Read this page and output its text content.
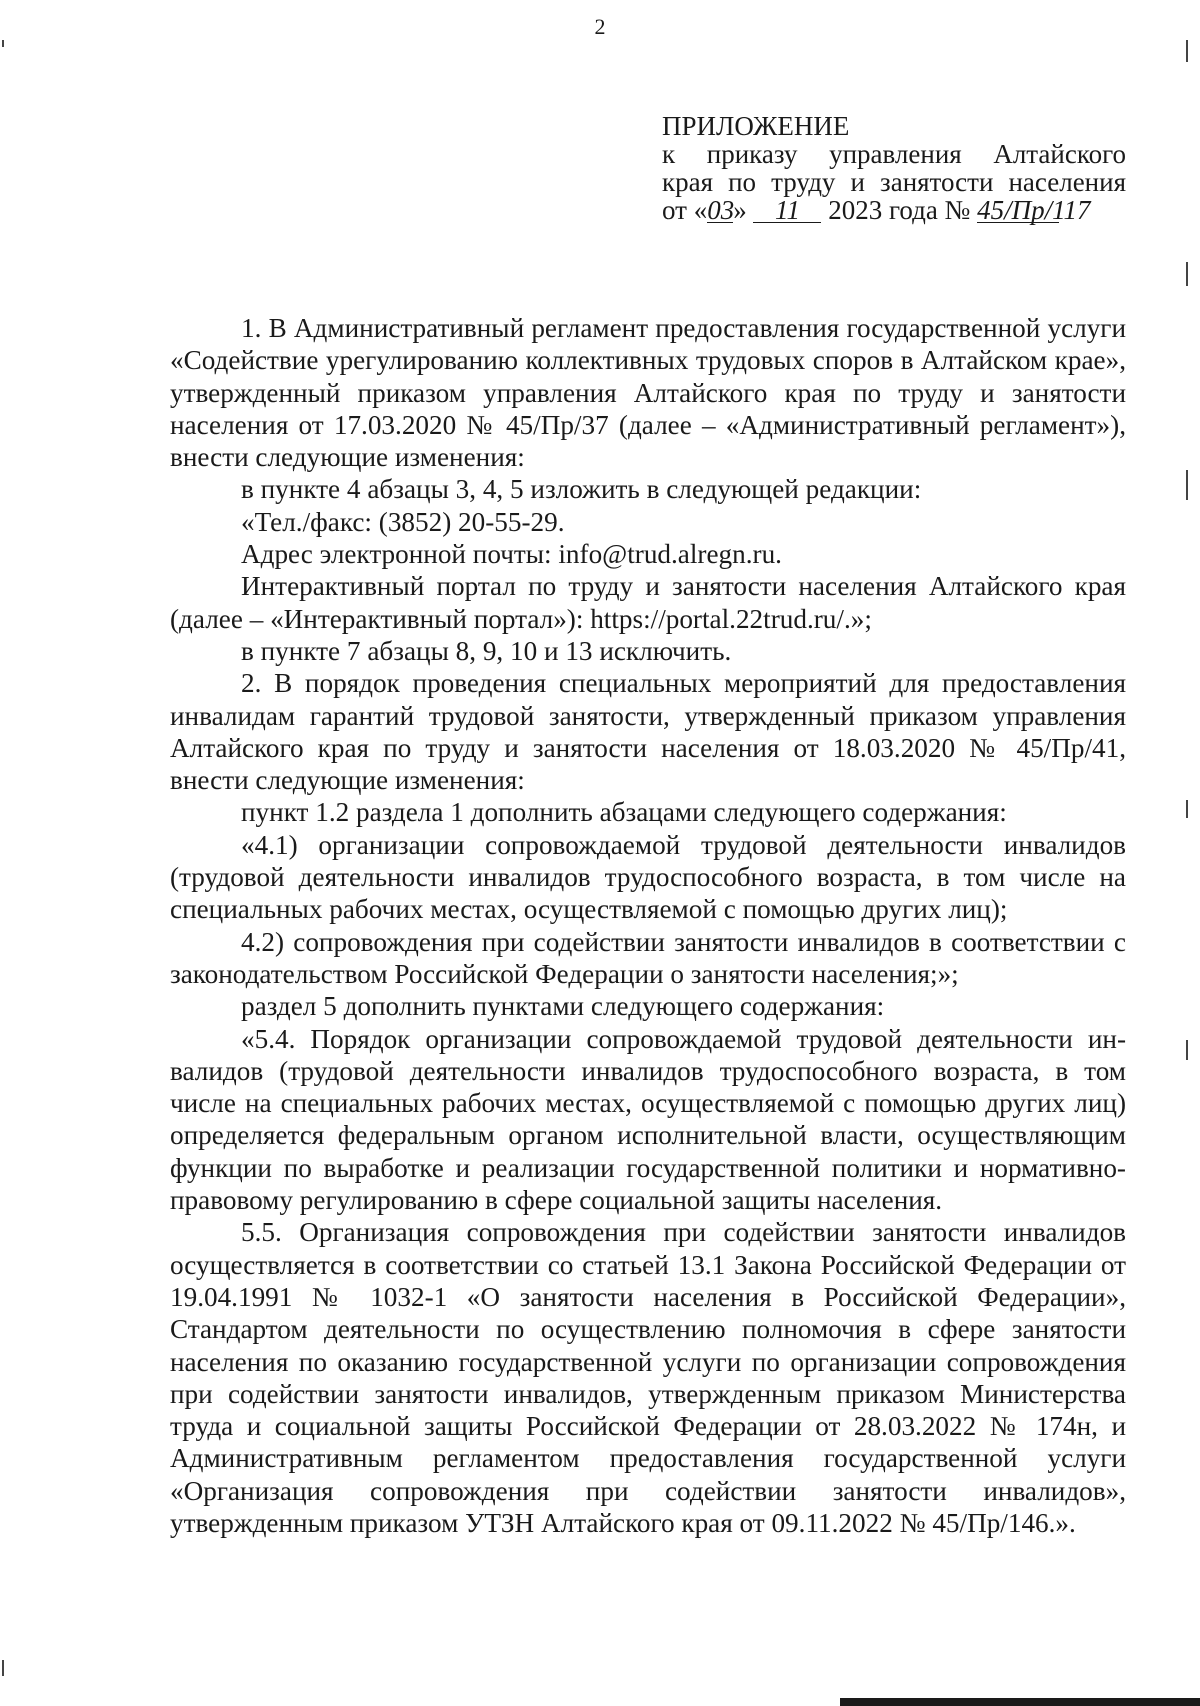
2
ПРИЛОЖЕНИЕ
к приказу управления Алтайского
края по труду и занятости населения
от «03» 11 2023 года № 45/Пр/117

1. В Административный регламент предоставления государственной услуги «Содействие урегулированию коллективных трудовых споров в Алтайском крае», утвержденный приказом управления Алтайского края по труду и занятости населения от 17.03.2020 № 45/Пр/37 (далее – «Административный регламент»), внести следующие изменения:

в пункте 4 абзацы 3, 4, 5 изложить в следующей редакции:

«Тел./факс: (3852) 20-55-29.

Адрес электронной почты: info@trud.alregn.ru.

Интерактивный портал по труду и занятости населения Алтайского края (далее – «Интерактивный портал»): https://portal.22trud.ru/.»;

в пункте 7 абзацы 8, 9, 10 и 13 исключить.

2. В порядок проведения специальных мероприятий для предоставления инвалидам гарантий трудовой занятости, утвержденный приказом управления Алтайского края по труду и занятости населения от 18.03.2020 № 45/Пр/41, внести следующие изменения:

пункт 1.2 раздела 1 дополнить абзацами следующего содержания:

«4.1) организации сопровождаемой трудовой деятельности инвалидов (трудовой деятельности инвалидов трудоспособного возраста, в том числе на специальных рабочих местах, осуществляемой с помощью других лиц);

4.2) сопровождения при содействии занятости инвалидов в соответствии с законодательством Российской Федерации о занятости населения;»;

раздел 5 дополнить пунктами следующего содержания:

«5.4. Порядок организации сопровождаемой трудовой деятельности инвалидов (трудовой деятельности инвалидов трудоспособного возраста, в том числе на специальных рабочих местах, осуществляемой с помощью других лиц) определяется федеральным органом исполнительной власти, осуществляющим функции по выработке и реализации государственной политики и нормативно-правовому регулированию в сфере социальной защиты населения.

5.5. Организация сопровождения при содействии занятости инвалидов осуществляется в соответствии со статьей 13.1 Закона Российской Федерации от 19.04.1991 № 1032-1 «О занятости населения в Российской Федерации», Стандартом деятельности по осуществлению полномочия в сфере занятости населения по оказанию государственной услуги по организации сопровождения при содействии занятости инвалидов, утвержденным приказом Министерства труда и социальной защиты Российской Федерации от 28.03.2022 № 174н, и Административным регламентом предоставления государственной услуги «Организация сопровождения при содействии занятости инвалидов», утвержденным приказом УТЗН Алтайского края от 09.11.2022 № 45/Пр/146.».
